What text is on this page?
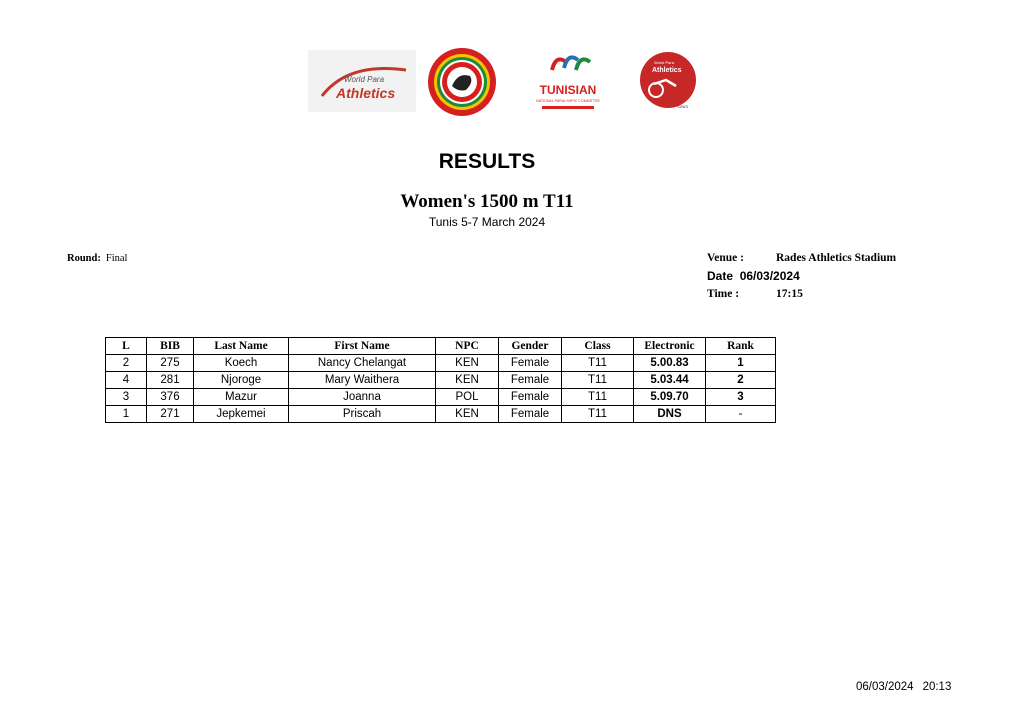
World Para
Athletics	TUNISIAN
NATIONAL PARALYMPIC COMMITTEE
World Para
Athletics
TUNIS
RESULTS
Women's 1500 m T11
Tunis 5-7 March 2024
Round: Final	Venue :	Rades Athletics Stadium
Date 06/03/2024
Time :	17:15
L	BIB	Last Name	First Name	NPC	Gender	Class	Electronic	Rank
2	275	Koech	Nancy Chelangat	KEN	Female	T11	5.00.83	1
4	281	Njoroge	Mary Waithera	KEN	Female	T11	5.03.44	2
3	376	Mazur	Joanna	POL	Female	T11	5.09.70	3
1	271	Jepkemei	Priscah	KEN	Female	T11	DNS	-
06/03/2024 20:13
